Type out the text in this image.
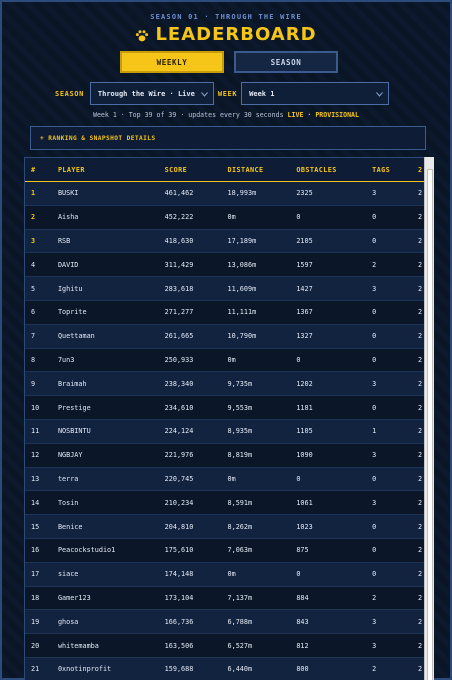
SEASON 01 · THROUGH THE WIRE
LEADERBOARD
WEEKLY	SEASON
SEASON Through the Wire · Live	WEEK Week 1
Week 1 · Top 39 of 39 · updates every 30 seconds LIVE · PROVISIONAL
+ RANKING & SNAPSHOT DETAILS
#	PLAYER	SCORE	DISTANCE	OBSTACLES	TAGS	2
1	BUSKI	461,462	18,993m	2325	3	2
2	Aisha	452,222	0m	0	0	2
3	RSB	418,630	17,189m	2105	0	2
4	DAVID	311,429	13,086m	1597	2	2
5	Ighitu	283,618	11,609m	1427	3	2
6	Toprite	271,277	11,111m	1367	0	2
7	Quettaman	261,665	10,790m	1327	0	2
8	7un3	250,933	0m	0	0	2
9	Braimah	238,340	9,735m	1202	3	2
10	Prestige	234,610	9,553m	1181	0	2
11	NOSBINTU	224,124	8,935m	1105	1	2
12	NGBJAY	221,976	8,819m	1090	3	2
13	terra	220,745	0m	0	0	2
14	Tosin	210,234	8,591m	1061	3	2
15	Benice	204,810	8,262m	1023	0	2
16	Peacockstudio1	175,610	7,063m	875	0	2
17	siace	174,148	0m	0	0	2
18	Gamer123	173,104	7,137m	884	2	2
19	ghosa	166,736	6,788m	843	3	2
20	whitemamba	163,506	6,527m	812	3	2
21	0xnotinprofit	159,688	6,440m	800	2	2
